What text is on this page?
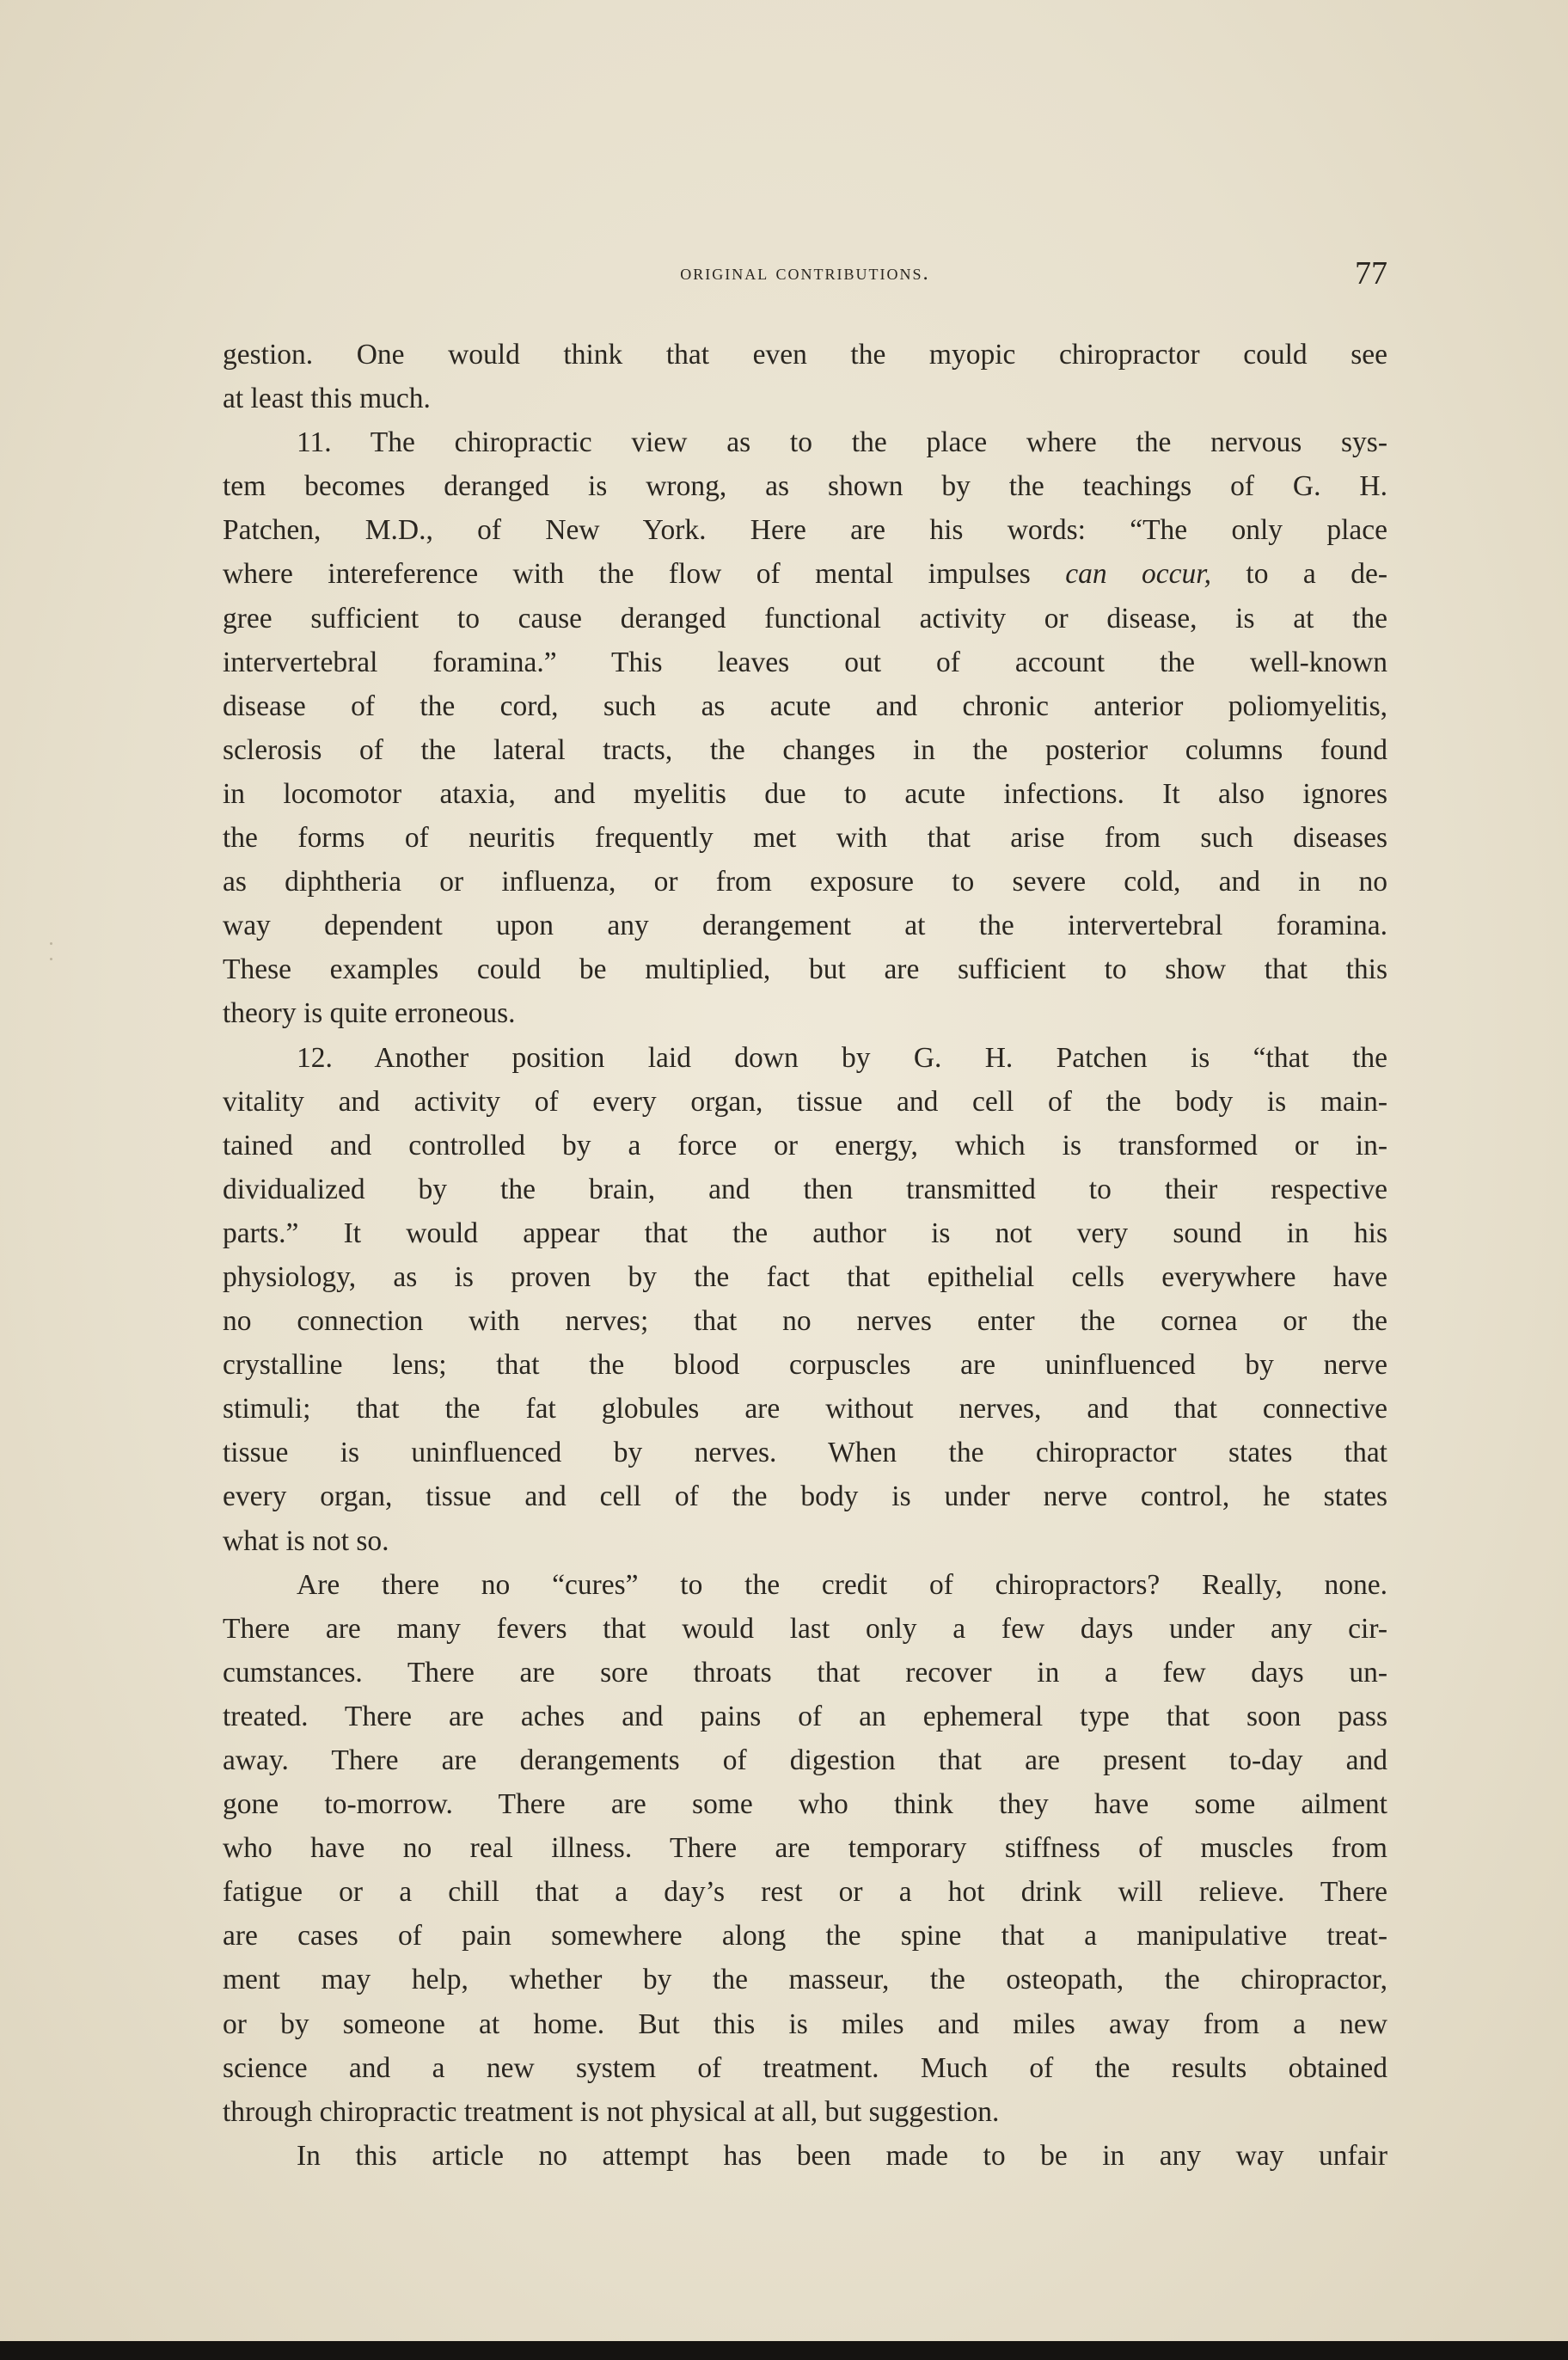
original contributions.	77
gestion. One would think that even the myopic chiropractor could see
at least this much.
11. The chiropractic view as to the place where the nervous sys-
tem becomes deranged is wrong, as shown by the teachings of G. H.
Patchen, M.D., of New York. Here are his words: “The only place
where intereference with the flow of mental impulses can occur, to a de-
gree sufficient to cause deranged functional activity or disease, is at the
intervertebral foramina.” This leaves out of account the well-known
disease of the cord, such as acute and chronic anterior poliomyelitis,
sclerosis of the lateral tracts, the changes in the posterior columns found
in locomotor ataxia, and myelitis due to acute infections. It also ignores
the forms of neuritis frequently met with that arise from such diseases
as diphtheria or influenza, or from exposure to severe cold, and in no
way dependent upon any derangement at the intervertebral foramina.
These examples could be multiplied, but are sufficient to show that this
theory is quite erroneous.
12. Another position laid down by G. H. Patchen is “that the
vitality and activity of every organ, tissue and cell of the body is main-
tained and controlled by a force or energy, which is transformed or in-
dividualized by the brain, and then transmitted to their respective
parts.” It would appear that the author is not very sound in his
physiology, as is proven by the fact that epithelial cells everywhere have
no connection with nerves; that no nerves enter the cornea or the
crystalline lens; that the blood corpuscles are uninfluenced by nerve
stimuli; that the fat globules are without nerves, and that connective
tissue is uninfluenced by nerves. When the chiropractor states that
every organ, tissue and cell of the body is under nerve control, he states
what is not so.
Are there no “cures” to the credit of chiropractors? Really, none.
There are many fevers that would last only a few days under any cir-
cumstances. There are sore throats that recover in a few days un-
treated. There are aches and pains of an ephemeral type that soon pass
away. There are derangements of digestion that are present to-day and
gone to-morrow. There are some who think they have some ailment
who have no real illness. There are temporary stiffness of muscles from
fatigue or a chill that a day’s rest or a hot drink will relieve. There
are cases of pain somewhere along the spine that a manipulative treat-
ment may help, whether by the masseur, the osteopath, the chiropractor,
or by someone at home. But this is miles and miles away from a new
science and a new system of treatment. Much of the results obtained
through chiropractic treatment is not physical at all, but suggestion.
In this article no attempt has been made to be in any way unfair
